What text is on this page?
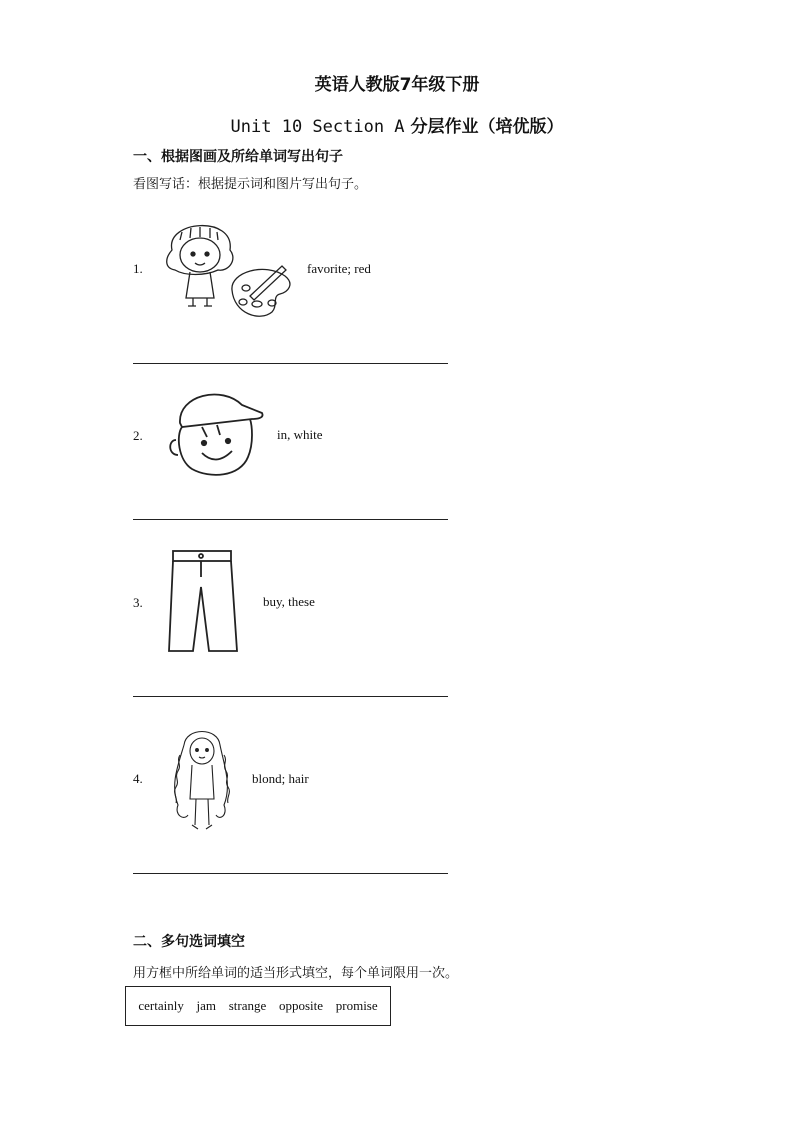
英语人教版7年级下册
Unit 10 Section A 分层作业（培优版）
一、根据图画及所给单词写出句子
看图写话：根据提示词和图片写出句子。
1.	favorite; red
2.	in, white
3.	buy, these
4.	blond; hair
二、多句选词填空
用方框中所给单词的适当形式填空，每个单词限用一次。
certainly jam strange opposite promise
